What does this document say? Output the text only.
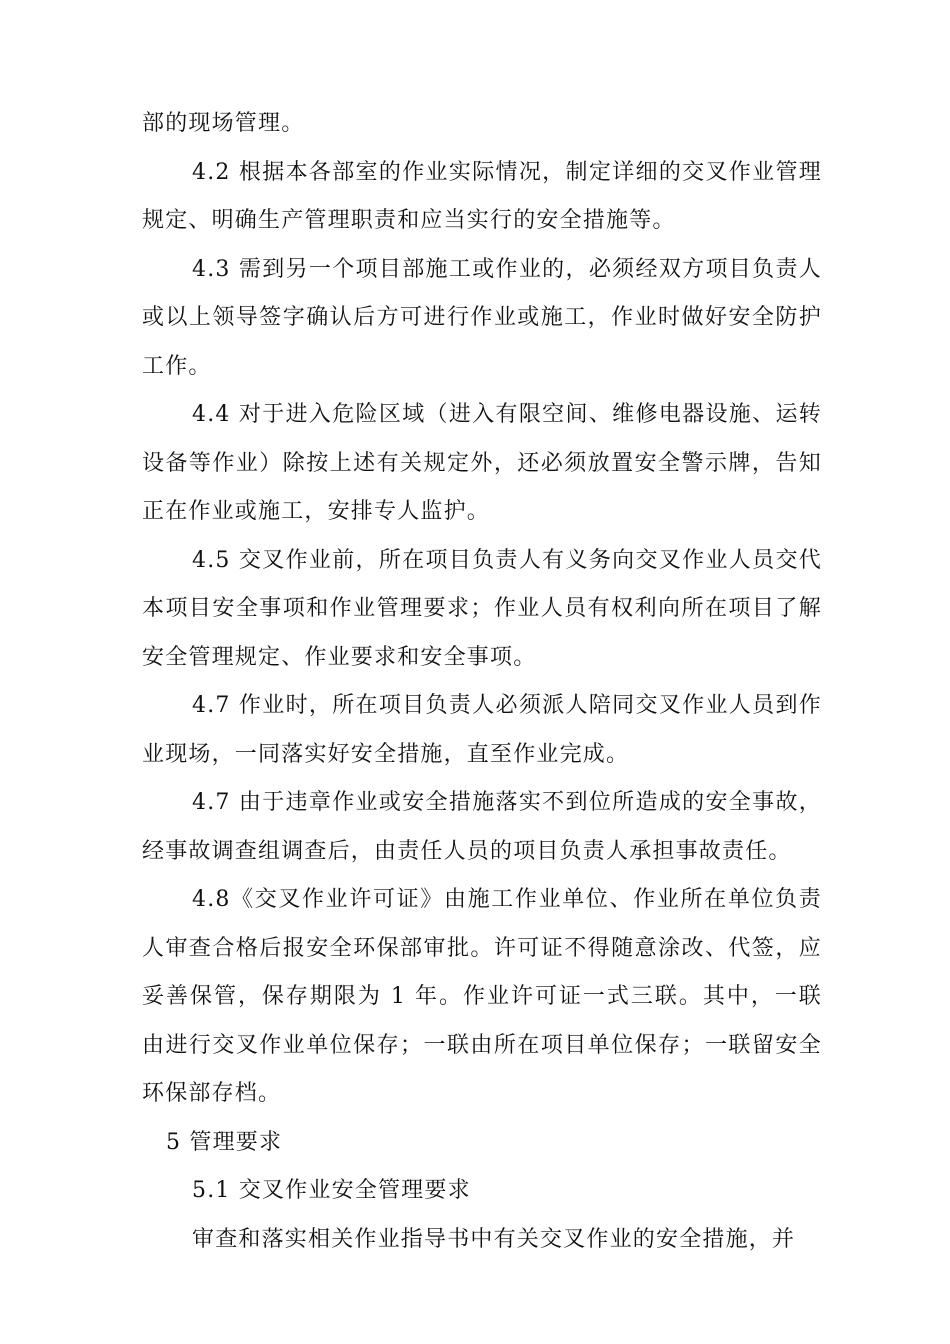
部的现场管理。

4.2 根据本各部室的作业实际情况，制定详细的交叉作业管理规定、明确生产管理职责和应当实行的安全措施等。

4.3 需到另一个项目部施工或作业的，必须经双方项目负责人或以上领导签字确认后方可进行作业或施工，作业时做好安全防护工作。

4.4 对于进入危险区域（进入有限空间、维修电器设施、运转设备等作业）除按上述有关规定外，还必须放置安全警示牌，告知正在作业或施工，安排专人监护。

4.5 交叉作业前，所在项目负责人有义务向交叉作业人员交代本项目安全事项和作业管理要求；作业人员有权利向所在项目了解安全管理规定、作业要求和安全事项。

4.7 作业时，所在项目负责人必须派人陪同交叉作业人员到作业现场，一同落实好安全措施，直至作业完成。

4.7 由于违章作业或安全措施落实不到位所造成的安全事故，经事故调查组调查后，由责任人员的项目负责人承担事故责任。

4.8《交叉作业许可证》由施工作业单位、作业所在单位负责人审查合格后报安全环保部审批。许可证不得随意涂改、代签，应妥善保管，保存期限为 1 年。作业许可证一式三联。其中，一联由进行交叉作业单位保存；一联由所在项目单位保存；一联留安全环保部存档。

5 管理要求

5.1 交叉作业安全管理要求

审查和落实相关作业指导书中有关交叉作业的安全措施，并
